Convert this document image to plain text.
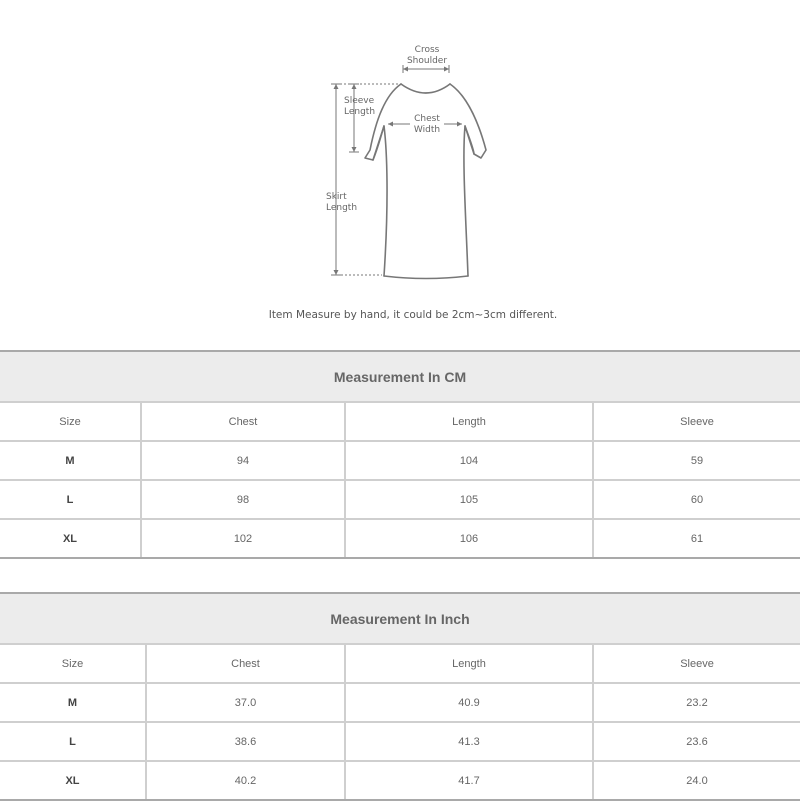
Cross
Shoulder
Sleeve
Length
Chest
Width
Skirt
Length
Item Measure by hand, it could be 2cm~3cm different.
Measurement In CM			
Size	Chest	Length	Sleeve
M	94	104	59
L	98	105	60
XL	102	106	61
Measurement In Inch			
Size	Chest	Length	Sleeve
M	37.0	40.9	23.2
L	38.6	41.3	23.6
XL	40.2	41.7	24.0
